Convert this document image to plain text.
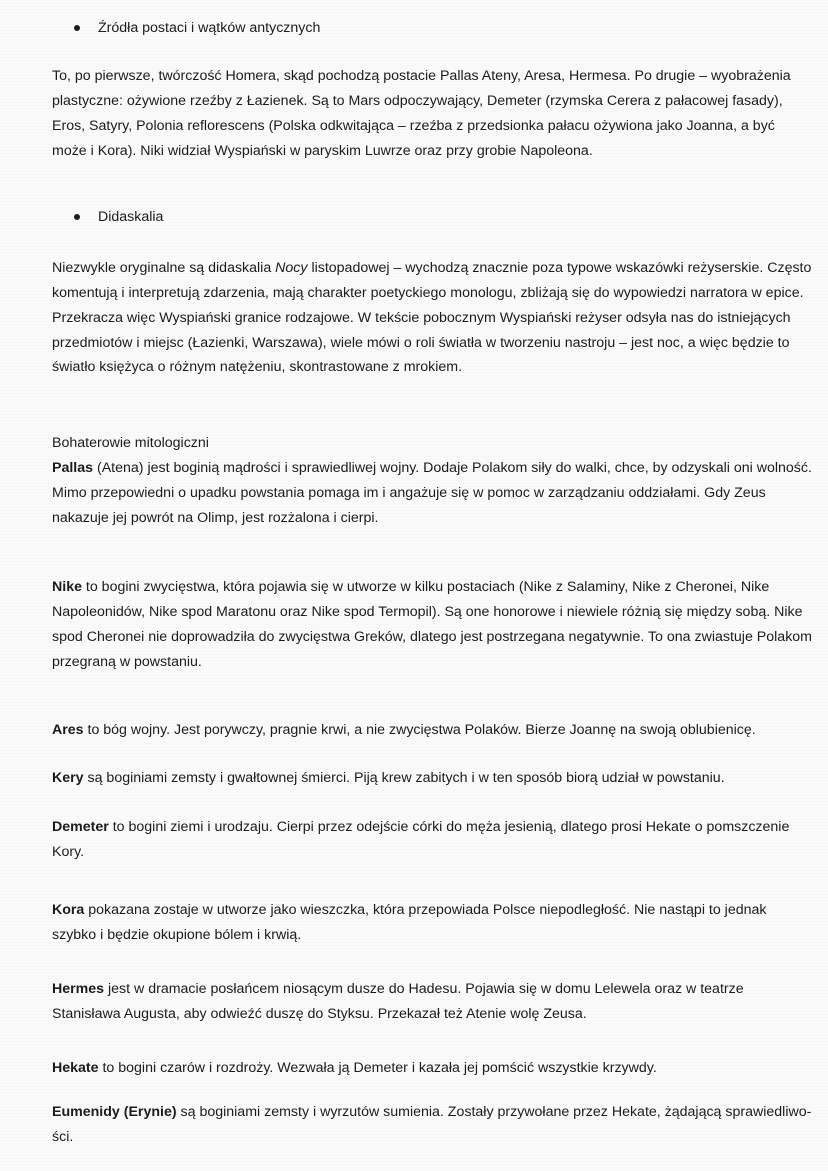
Źródła postaci i wątków antycznych

To, po pierwsze, twórczość Homera, skąd pochodzą postacie Pallas Ateny, Aresa, Hermesa. Po drugie – wyobrażenia plastyczne: ożywione rzeźby z Łazienek. Są to Mars odpoczywający, Demeter (rzymska Cerera z pałacowej fasady), Eros, Satyry, Polonia reflorescens (Polska odkwitająca – rzeźba z przedsionka pałacu ożywiona jako Joanna, a być może i Kora). Niki widział Wyspiański w paryskim Luwrze oraz przy grobie Napoleona.

Didaskalia

Niezwykle oryginalne są didaskalia Nocy listopadowej – wychodzą znacznie poza typowe wskazówki reżyserskie. Często komentują i interpretują zdarzenia, mają charakter poetyckiego monologu, zbliżają się do wypowiedzi narratora w epice. Przekracza więc Wyspiański granice rodzajowe. W tekście pobocznym Wyspiański reżyser odsyła nas do istniejących przedmiotów i miejsc (Łazienki, Warszawa), wiele mówi o roli światła w tworzeniu nastroju – jest noc, a więc będzie to światło księżyca o różnym natężeniu, skontrastowane z mrokiem.

Bohaterowie mitologiczni

Pallas (Atena) jest boginią mądrości i sprawiedliwej wojny. Dodaje Polakom siły do walki, chce, by odzyskali oni wolność. Mimo przepowiedni o upadku powstania pomaga im i angażuje się w pomoc w zarządzaniu oddziałami. Gdy Zeus nakazuje jej powrót na Olimp, jest rozżalona i cierpi.

Nike to bogini zwycięstwa, która pojawia się w utworze w kilku postaciach (Nike z Salaminy, Nike z Cheronei, Nike Napoleonidów, Nike spod Maratonu oraz Nike spod Termopil). Są one honorowe i niewiele różnią się między sobą. Nike spod Cheronei nie doprowadziła do zwycięstwa Greków, dlatego jest postrzegana negatywnie. To ona zwiastuje Polakom przegraną w powstaniu.

Ares to bóg wojny. Jest porywczy, pragnie krwi, a nie zwycięstwa Polaków. Bierze Joannę na swoją oblubienicę.

Kery są boginiami zemsty i gwałtownej śmierci. Piją krew zabitych i w ten sposób biorą udział w powstaniu.

Demeter to bogini ziemi i urodzaju. Cierpi przez odejście córki do męża jesienią, dlatego prosi Hekate o pomszczenie Kory.

Kora pokazana zostaje w utworze jako wieszczka, która przepowiada Polsce niepodległość. Nie nastąpi to jednak szybko i będzie okupione bólem i krwią.

Hermes jest w dramacie posłańcem niosącym dusze do Hadesu. Pojawia się w domu Lelewela oraz w teatrze Stanisława Augusta, aby odwieźć duszę do Styksu. Przekazał też Atenie wolę Zeusa.

Hekate to bogini czarów i rozdroży. Wezwała ją Demeter i kazała jej pomścić wszystkie krzywdy.

Eumenidy (Erynie) są boginiami zemsty i wyrzutów sumienia. Zostały przywołane przez Hekate, żądającą sprawiedliwo- ści.
